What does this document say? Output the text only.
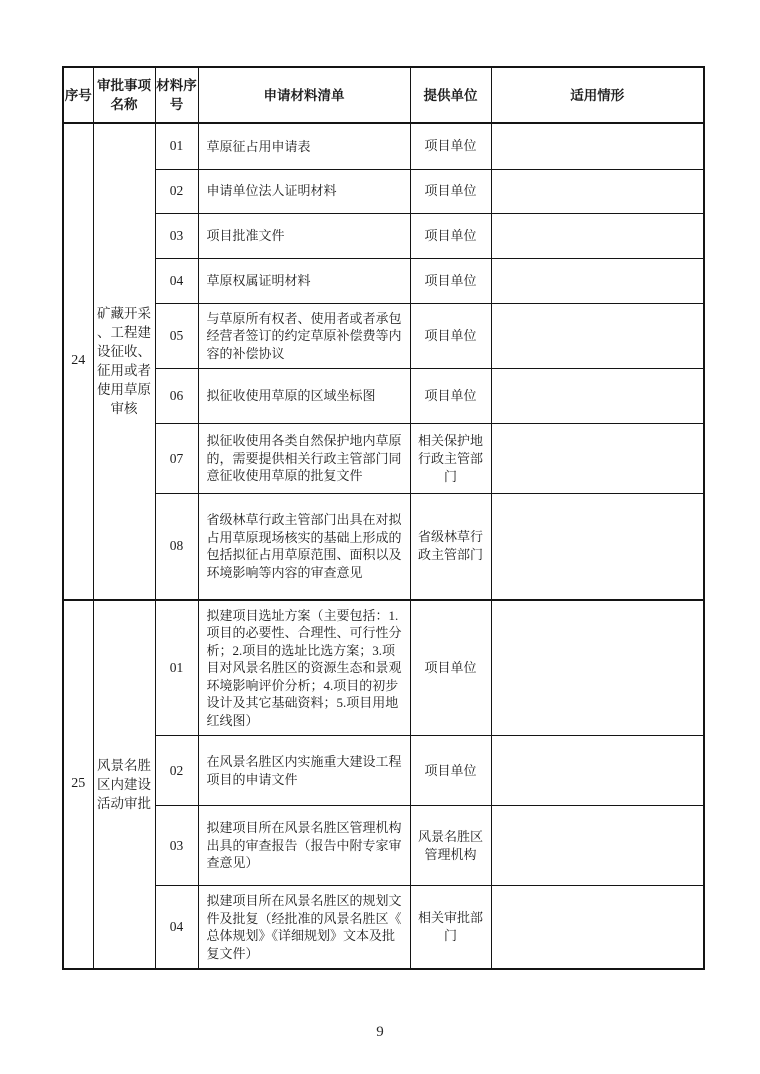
序号	审批事项名称	材料序号	申请材料清单	提供单位	适用情形
24	矿藏开采、工程建设征收、征用或者使用草原审核	01	草原征占用申请表	项目单位	
		02	申请单位法人证明材料	项目单位	
		03	项目批准文件	项目单位	
		04	草原权属证明材料	项目单位	
		05	与草原所有权者、使用者或者承包经营者签订的约定草原补偿费等内容的补偿协议	项目单位	
		06	拟征收使用草原的区域坐标图	项目单位	
		07	拟征收使用各类自然保护地内草原的，需要提供相关行政主管部门同意征收使用草原的批复文件	相关保护地行政主管部门	
		08	省级林草行政主管部门出具在对拟占用草原现场核实的基础上形成的包括拟征占用草原范围、面积以及环境影响等内容的审查意见	省级林草行政主管部门	
25	风景名胜区内建设活动审批	01	拟建项目选址方案（主要包括：1.项目的必要性、合理性、可行性分析；2.项目的选址比选方案；3.项目对风景名胜区的资源生态和景观环境影响评价分析；4.项目的初步设计及其它基础资料；5.项目用地红线图）	项目单位	
		02	在风景名胜区内实施重大建设工程项目的申请文件	项目单位	
		03	拟建项目所在风景名胜区管理机构出具的审查报告（报告中附专家审查意见）	风景名胜区管理机构	
		04	拟建项目所在风景名胜区的规划文件及批复（经批准的风景名胜区《总体规划》《详细规划》文本及批复文件）	相关审批部门	
9
